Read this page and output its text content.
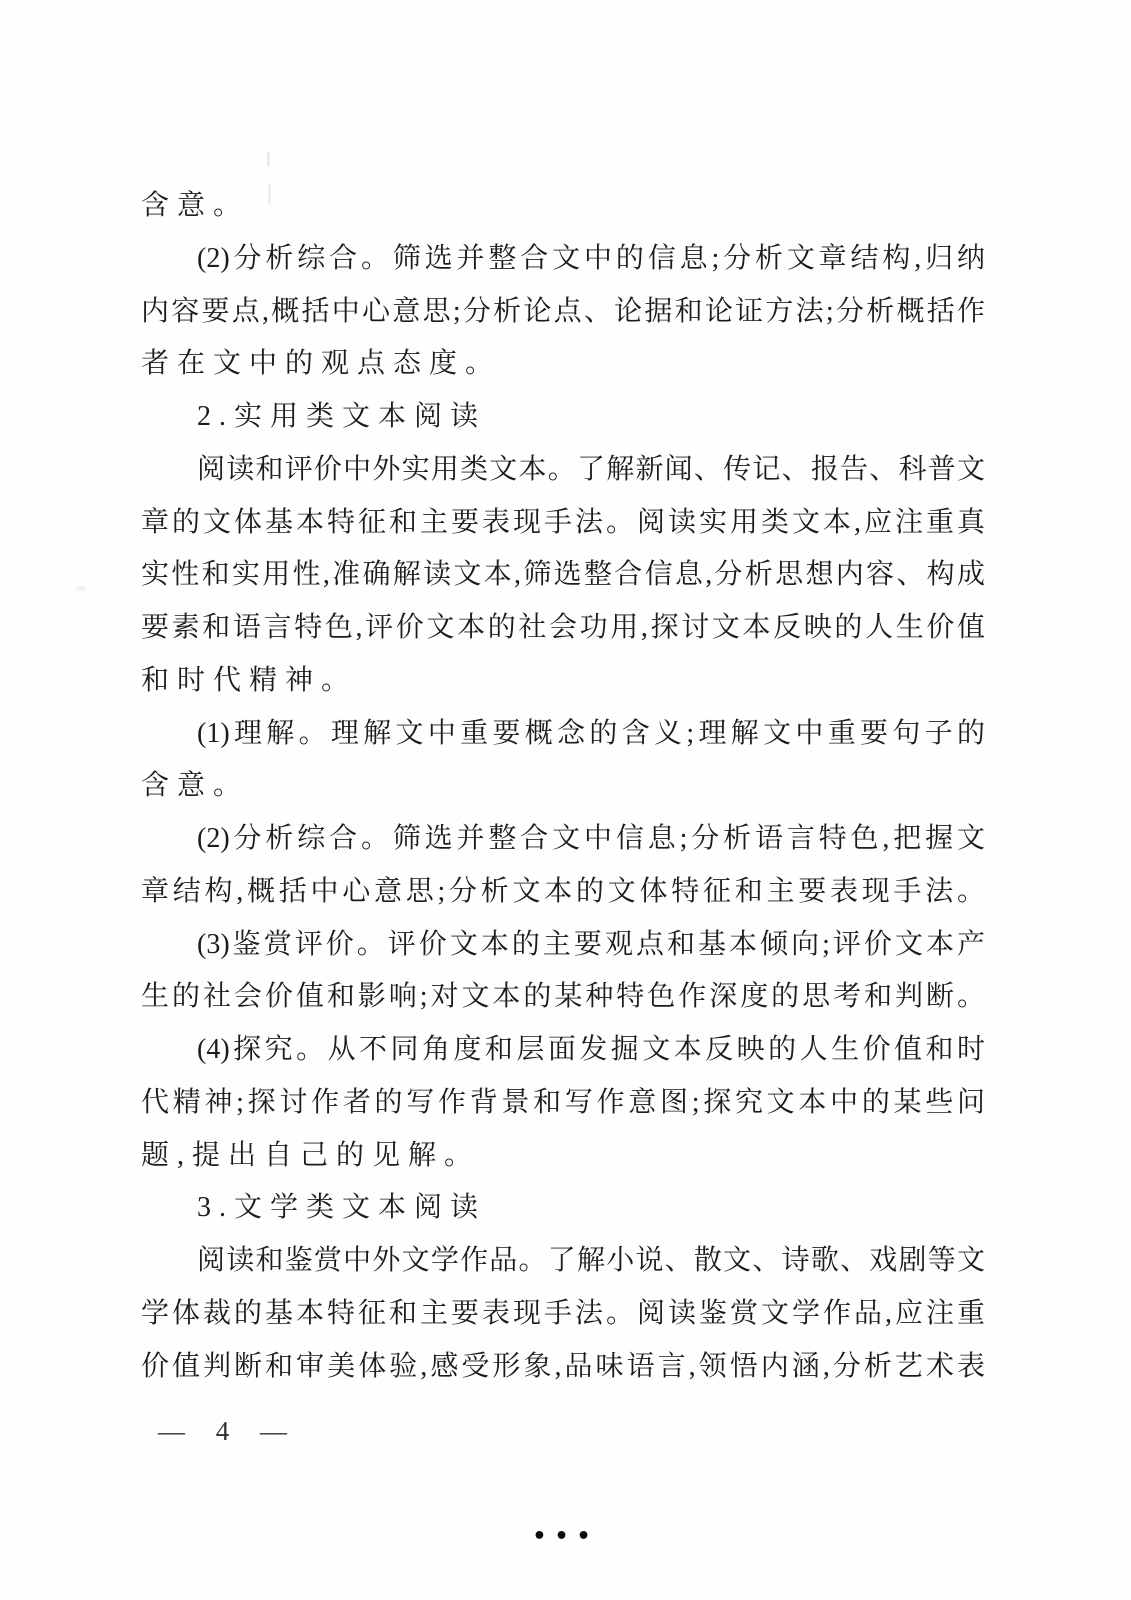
含意。
(2)分析综合。筛选并整合文中的信息;分析文章结构,归纳
内容要点,概括中心意思;分析论点、论据和论证方法;分析概括作
者在文中的观点态度。
2.实用类文本阅读
阅读和评价中外实用类文本。了解新闻、传记、报告、科普文
章的文体基本特征和主要表现手法。阅读实用类文本,应注重真
实性和实用性,准确解读文本,筛选整合信息,分析思想内容、构成
要素和语言特色,评价文本的社会功用,探讨文本反映的人生价值
和时代精神。
(1)理解。理解文中重要概念的含义;理解文中重要句子的
含意。
(2)分析综合。筛选并整合文中信息;分析语言特色,把握文
章结构,概括中心意思;分析文本的文体特征和主要表现手法。
(3)鉴赏评价。评价文本的主要观点和基本倾向;评价文本产
生的社会价值和影响;对文本的某种特色作深度的思考和判断。
(4)探究。从不同角度和层面发掘文本反映的人生价值和时
代精神;探讨作者的写作背景和写作意图;探究文本中的某些问
题,提出自己的见解。
3.文学类文本阅读
阅读和鉴赏中外文学作品。了解小说、散文、诗歌、戏剧等文
学体裁的基本特征和主要表现手法。阅读鉴赏文学作品,应注重
价值判断和审美体验,感受形象,品味语言,领悟内涵,分析艺术表
— 4 —
•••
